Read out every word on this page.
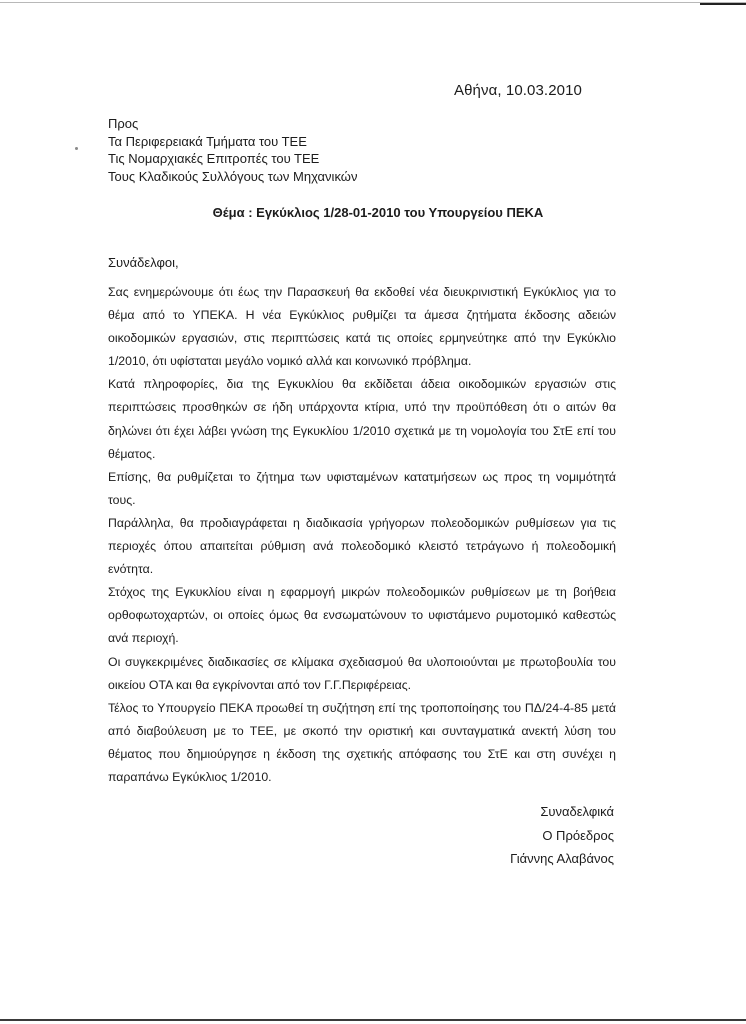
Αθήνα, 10.03.2010
Προς
Τα Περιφερειακά Τμήματα του ΤΕΕ
Τις Νομαρχιακές Επιτροπές του ΤΕΕ
Τους Κλαδικούς Συλλόγους των Μηχανικών
Θέμα : Εγκύκλιος 1/28-01-2010 του Υπουργείου ΠΕΚΑ
Συνάδελφοι,

Σας ενημερώνουμε ότι έως την Παρασκευή θα εκδοθεί νέα διευκρινιστική Εγκύκλιος για το θέμα από το ΥΠΕΚΑ. Η νέα Εγκύκλιος ρυθμίζει τα άμεσα ζητήματα έκδοσης αδειών οικοδομικών εργασιών, στις περιπτώσεις κατά τις οποίες ερμηνεύτηκε από την Εγκύκλιο 1/2010, ότι υφίσταται μεγάλο νομικό αλλά και κοινωνικό πρόβλημα.

Κατά πληροφορίες, δια της Εγκυκλίου θα εκδίδεται άδεια οικοδομικών εργασιών στις περιπτώσεις προσθηκών σε ήδη υπάρχοντα κτίρια, υπό την προϋπόθεση ότι ο αιτών θα δηλώνει ότι έχει λάβει γνώση της Εγκυκλίου 1/2010 σχετικά με τη νομολογία του ΣτΕ επί του θέματος.

Επίσης, θα ρυθμίζεται το ζήτημα των υφισταμένων κατατμήσεων ως προς τη νομιμότητά τους.

Παράλληλα, θα προδιαγράφεται η διαδικασία γρήγορων πολεοδομικών ρυθμίσεων για τις περιοχές όπου απαιτείται ρύθμιση ανά πολεοδομικό κλειστό τετράγωνο ή πολεοδομική ενότητα.

Στόχος της Εγκυκλίου είναι η εφαρμογή μικρών πολεοδομικών ρυθμίσεων με τη βοήθεια ορθοφωτοχαρτών, οι οποίες όμως θα ενσωματώνουν το υφιστάμενο ρυμοτομικό καθεστώς ανά περιοχή.

Οι συγκεκριμένες διαδικασίες σε κλίμακα σχεδιασμού θα υλοποιούνται με πρωτοβουλία του οικείου ΟΤΑ και θα εγκρίνονται από τον Γ.Γ.Περιφέρειας.

Τέλος το Υπουργείο ΠΕΚΑ προωθεί τη συζήτηση επί της τροποποίησης του ΠΔ/24-4-85 μετά από διαβούλευση με το ΤΕΕ, με σκοπό την οριστική και συνταγματικά ανεκτή λύση του θέματος που δημιούργησε η έκδοση της σχετικής απόφασης του ΣτΕ και στη συνέχει η παραπάνω Εγκύκλιος 1/2010.

Συναδελφικά
Ο Πρόεδρος
Γιάννης Αλαβάνος
